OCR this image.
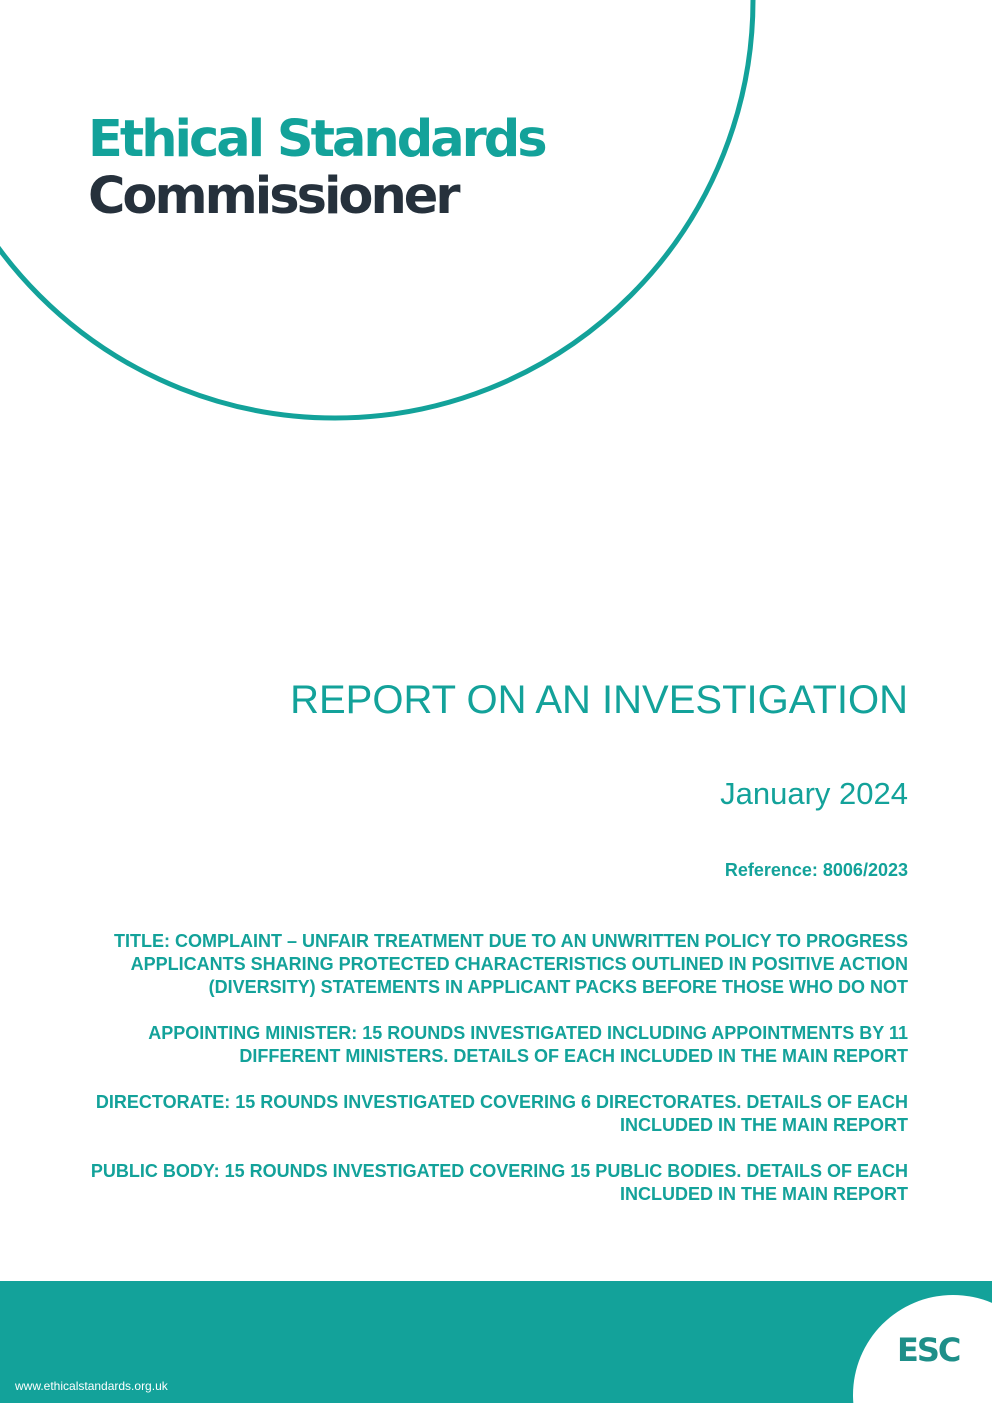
Ethical Standards
Commissioner
REPORT ON AN INVESTIGATION
January 2024
Reference: 8006/2023

TITLE: COMPLAINT – UNFAIR TREATMENT DUE TO AN UNWRITTEN POLICY TO PROGRESS APPLICANTS SHARING PROTECTED CHARACTERISTICS OUTLINED IN POSITIVE ACTION (DIVERSITY) STATEMENTS IN APPLICANT PACKS BEFORE THOSE WHO DO NOT

APPOINTING MINISTER: 15 ROUNDS INVESTIGATED INCLUDING APPOINTMENTS BY 11 DIFFERENT MINISTERS. DETAILS OF EACH INCLUDED IN THE MAIN REPORT

DIRECTORATE: 15 ROUNDS INVESTIGATED COVERING 6 DIRECTORATES. DETAILS OF EACH INCLUDED IN THE MAIN REPORT

PUBLIC BODY: 15 ROUNDS INVESTIGATED COVERING 15 PUBLIC BODIES. DETAILS OF EACH INCLUDED IN THE MAIN REPORT

www.ethicalstandards.org.uk
ESC
